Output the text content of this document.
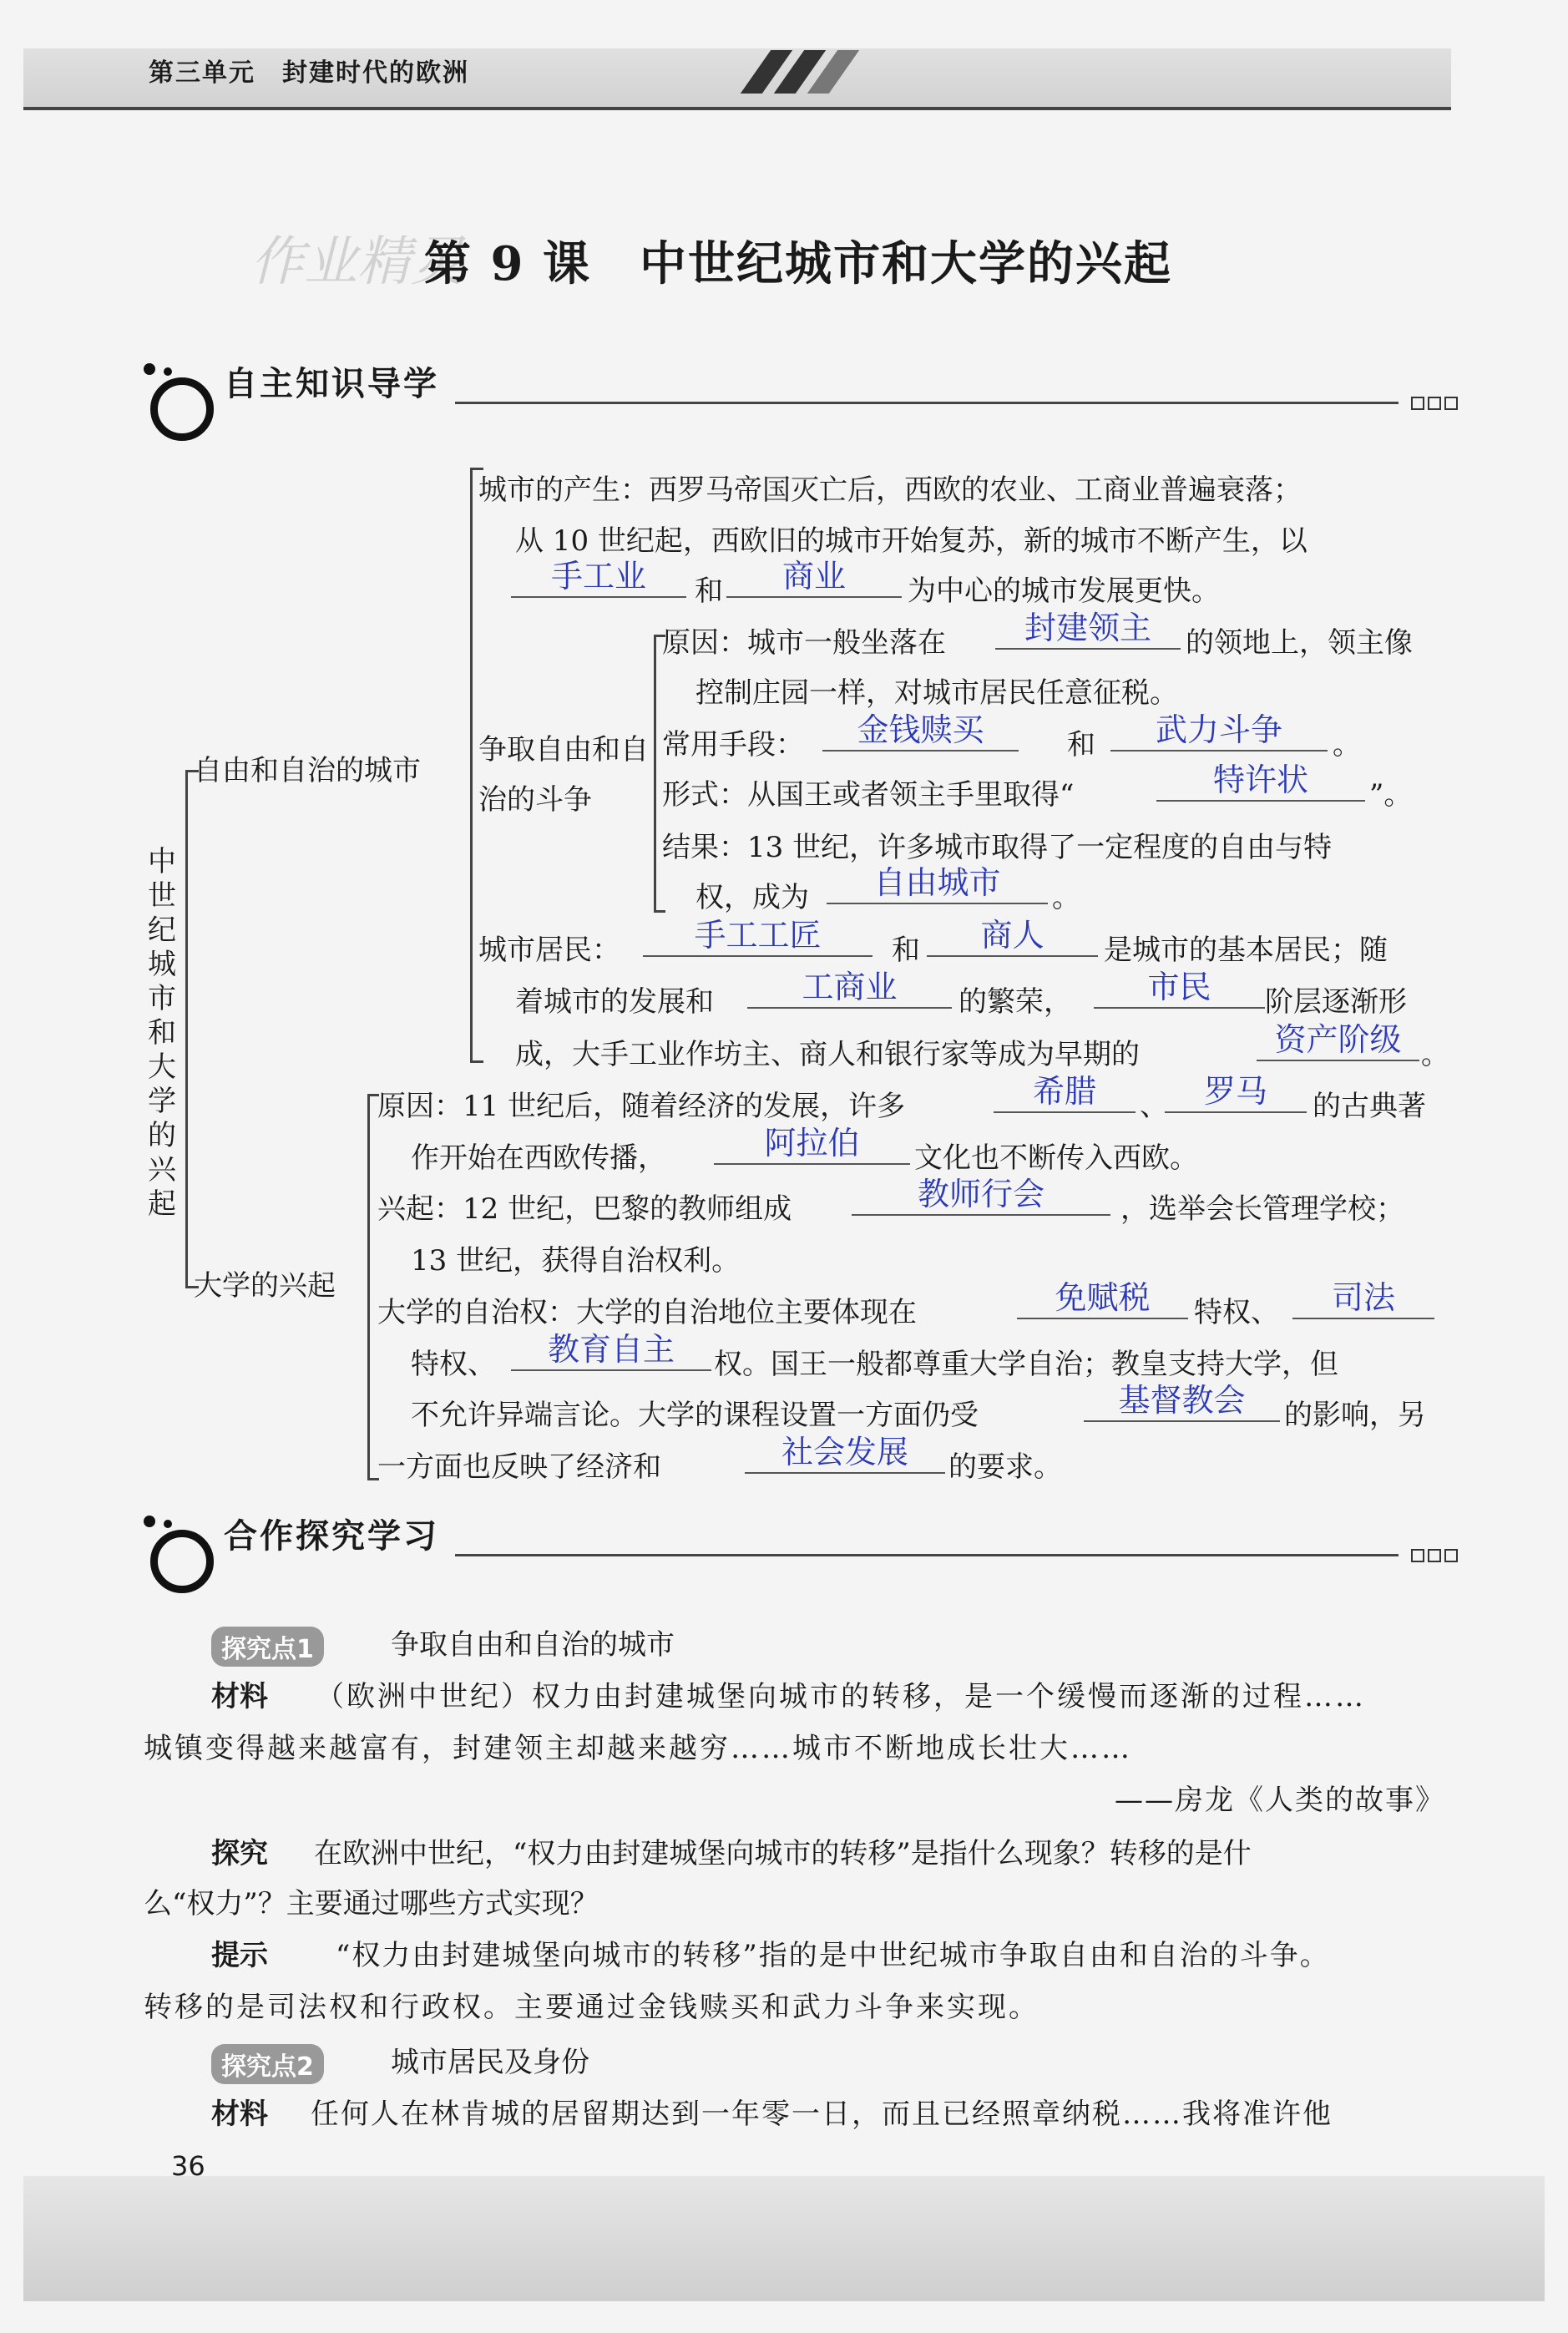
第三单元　封建时代的欧洲
作业精灵
第 9 课　中世纪城市和大学的兴起
自主知识导学
中世纪城市和大学的兴起
自由和自治的城市
大学的兴起
争取自由和自治的斗争
城市的产生：西罗马帝国灭亡后，西欧的农业、工商业普遍衰落；
从 10 世纪起，西欧旧的城市开始复苏，新的城市不断产生，以
手工业	和	商业	为中心的城市发展更快。
原因：城市一般坐落在	封建领主	的领地上，领主像
控制庄园一样，对城市居民任意征税。
常用手段：	金钱赎买	和	武力斗争	。
形式：从国王或者领主手里取得“	特许状	”。
结果：13 世纪，许多城市取得了一定程度的自由与特
权，成为	自由城市	。
城市居民：	手工工匠	和	商人	是城市的基本居民；随
着城市的发展和	工商业	的繁荣，	市民	阶层逐渐形
成，大手工业作坊主、商人和银行家等成为早期的	资产阶级 。
原因：11 世纪后，随着经济的发展，许多	希腊	、	罗马	的古典著
作开始在西欧传播，	阿拉伯	文化也不断传入西欧。
兴起：12 世纪，巴黎的教师组成	教师行会	，选举会长管理学校；
13 世纪，获得自治权利。
大学的自治权：大学的自治地位主要体现在	免赋税	特权、	司法
特权、	教育自主	权。国王一般都尊重大学自治；教皇支持大学，但
不允许异端言论。大学的课程设置一方面仍受	基督教会	的影响，另
一方面也反映了经济和	社会发展	的要求。
合作探究学习
探究点1	争取自由和自治的城市
材料 （欧洲中世纪）权力由封建城堡向城市的转移，是一个缓慢而逐渐的过程……
城镇变得越来越富有，封建领主却越来越穷……城市不断地成长壮大……
——房龙《人类的故事》
探究 在欧洲中世纪，“权力由封建城堡向城市的转移”是指什么现象？转移的是什
么“权力”？主要通过哪些方式实现？
提示 “权力由封建城堡向城市的转移”指的是中世纪城市争取自由和自治的斗争。
转移的是司法权和行政权。主要通过金钱赎买和武力斗争来实现。
探究点2	城市居民及身份
材料 任何人在林肯城的居留期达到一年零一日，而且已经照章纳税……我将准许他
36
